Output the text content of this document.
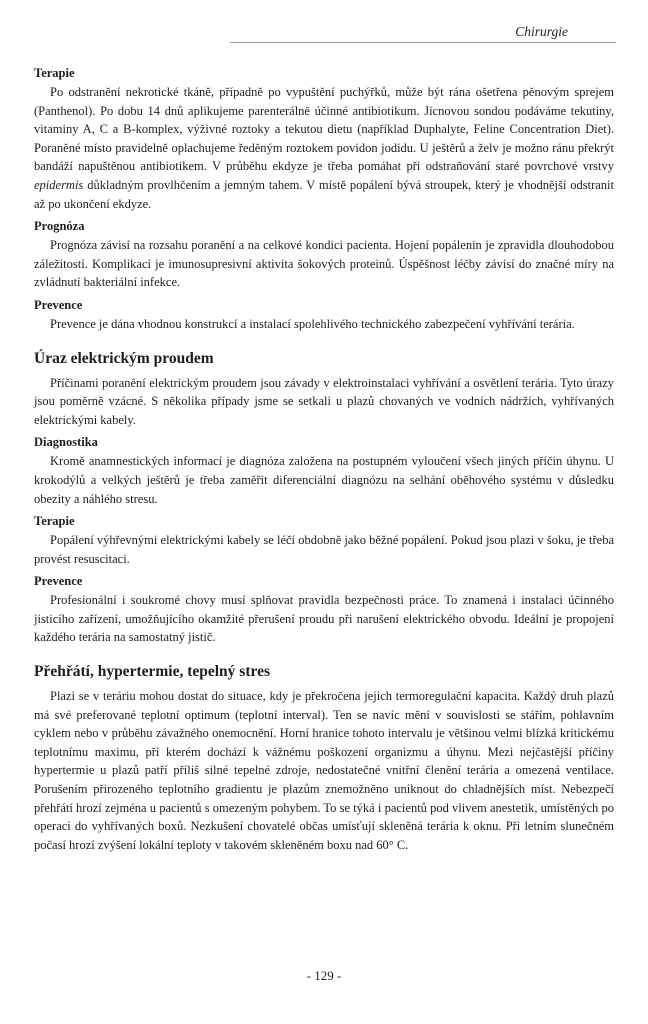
Chirurgie

Terapie

Po odstranění nekrotické tkáně, případně po vypuštění puchýřků, může být rána ošetřena pěnovým sprejem (Panthenol). Po dobu 14 dnů aplikujeme parenterálně účinné antibiotikum. Jícnovou sondou podáváme tekutiny, vitaminy A, C a B-komplex, výživné roztoky a tekutou dietu (například Duphalyte, Feline Concentration Diet). Poraněné místo pravidelně oplachujeme ředěným roztokem povidon jodidu. U ještěrů a želv je možno ránu překrýt bandáží napuštěnou antibiotikem. V průběhu ekdyze je třeba pomáhat při odstraňování staré povrchové vrstvy epidermis důkladným provlhčením a jemným tahem. V místě popálení bývá stroupek, který je vhodnější odstranit až po ukončení ekdyze.

Prognóza

Prognóza závisí na rozsahu poranění a na celkové kondici pacienta. Hojení popálenin je zpravidla dlouhodobou záležitostí. Komplikací je imunosupresivní aktivita šokových proteinů. Úspěšnost léčby závisí do značné míry na zvládnutí bakteriální infekce.

Prevence

Prevence je dána vhodnou konstrukcí a instalací spolehlivého technického zabezpečení vyhřívání terária.

Úraz elektrickým proudem

Příčinami poranění elektrickým proudem jsou závady v elektroinstalaci vyhřívání a osvětlení terária. Tyto úrazy jsou poměrně vzácné. S několika případy jsme se setkali u plazů chovaných ve vodních nádržích, vyhřívaných elektrickými kabely.

Diagnostika

Kromě anamnestických informací je diagnóza založena na postupném vyloučení všech jiných příčin úhynu. U krokodýlů a velkých ještěrů je třeba zaměřit diferenciální diagnózu na selhání oběhového systému v důsledku obezity a náhlého stresu.

Terapie

Popálení výhřevnými elektrickými kabely se léčí obdobně jako běžné popálení. Pokud jsou plazi v šoku, je třeba provést resuscitaci.

Prevence

Profesionální i soukromé chovy musí splňovat pravidla bezpečnosti práce. To znamená i instalaci účinného jisticího zařízení, umožňujícího okamžité přerušení proudu při narušení elektrického obvodu. Ideální je propojení každého terária na samostatný jistič.

Přehřátí, hypertermie, tepelný stres

Plazi se v teráriu mohou dostat do situace, kdy je překročena jejich termoregulační kapacita. Každý druh plazů má své preferované teplotní optimum (teplotní interval). Ten se navíc mění v souvislosti se stářím, pohlavním cyklem nebo v průběhu závažného onemocnění. Horní hranice tohoto intervalu je většinou velmi blízká kritickému teplotnímu maximu, při kterém dochází k vážnému poškození organizmu a úhynu. Mezi nejčastější příčiny hypertermie u plazů patří příliš silné tepelné zdroje, nedostatečné vnitřní členění terária a omezená ventilace. Porušením přirozeného teplotního gradientu je plazům znemožněno uniknout do chladnějších míst. Nebezpečí přehřátí hrozí zejména u pacientů s omezeným pohybem. To se týká i pacientů pod vlivem anestetik, umístěných po operaci do vyhřívaných boxů. Nezkušení chovatelé občas umísťují skleněná terária k oknu. Při letním slunečném počasí hrozí zvýšení lokální teploty v takovém skleněném boxu nad 60° C.

- 129 -
